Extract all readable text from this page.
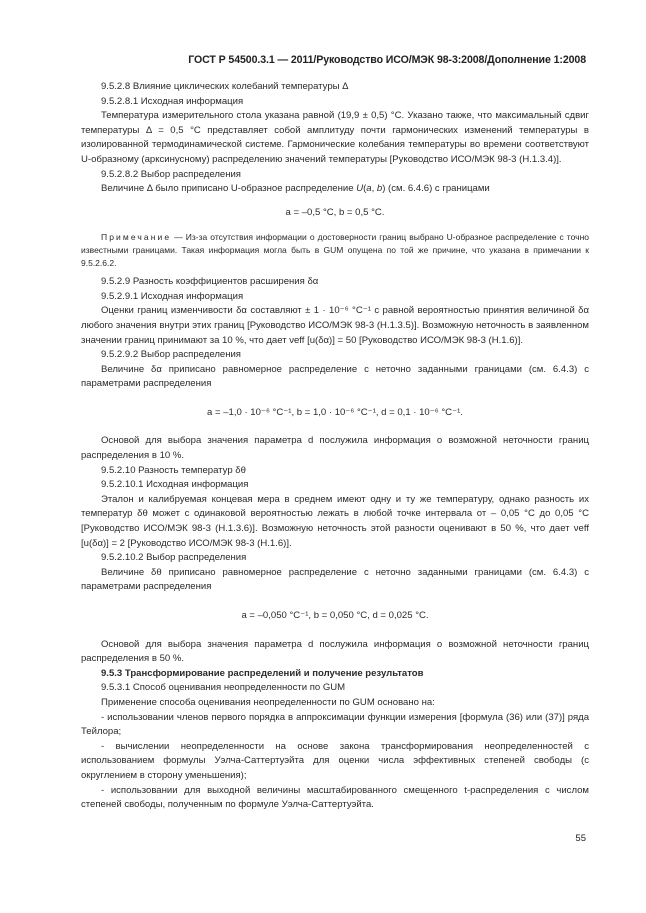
ГОСТ Р 54500.3.1 — 2011/Руководство ИСО/МЭК 98-3:2008/Дополнение 1:2008

9.5.2.8 Влияние циклических колебаний температуры Δ

9.5.2.8.1 Исходная информация

Температура измерительного стола указана равной (19,9 ± 0,5) °С. Указано также, что максимальный сдвиг температуры Δ = 0,5 °С представляет собой амплитуду почти гармонических изменений температуры в изолированной термодинамической системе. Гармонические колебания температуры во времени соответствуют U-образному (арксинусному) распределению значений температуры [Руководство ИСО/МЭК 98-3 (Н.1.3.4)].

9.5.2.8.2 Выбор распределения

Величине Δ было приписано U-образное распределение U(a, b) (см. 6.4.6) с границами

a = –0,5 °С, b = 0,5 °С.

Примечание — Из-за отсутствия информации о достоверности границ выбрано U-образное распределение с точно известными границами. Такая информация могла быть в GUM опущена по той же причине, что указана в примечании к 9.5.2.6.2.

9.5.2.9 Разность коэффициентов расширения δα

9.5.2.9.1 Исходная информация

Оценки границ изменчивости δα составляют ± 1 · 10⁻⁶ °С⁻¹ с равной вероятностью принятия величиной δα любого значения внутри этих границ [Руководство ИСО/МЭК 98-3 (Н.1.3.5)]. Возможную неточность в заявленном значении границ принимают за 10 %, что дает νeff [u(δα)] = 50 [Руководство ИСО/МЭК 98-3 (Н.1.6)].

9.5.2.9.2 Выбор распределения

Величине δα приписано равномерное распределение с неточно заданными границами (см. 6.4.3) с параметрами распределения

a = –1,0 · 10⁻⁶ °С⁻¹, b = 1,0 · 10⁻⁶ °С⁻¹, d = 0,1 · 10⁻⁶ °С⁻¹.

Основой для выбора значения параметра d послужила информация о возможной неточности границ распределения в 10 %.

9.5.2.10 Разность температур δθ

9.5.2.10.1 Исходная информация

Эталон и калибруемая концевая мера в среднем имеют одну и ту же температуру, однако разность их температур δθ может с одинаковой вероятностью лежать в любой точке интервала от – 0,05 °С до 0,05 °С [Руководство ИСО/МЭК 98-3 (Н.1.3.6)]. Возможную неточность этой разности оценивают в 50 %, что дает νeff [u(δα)] = 2 [Руководство ИСО/МЭК 98-3 (Н.1.6)].

9.5.2.10.2 Выбор распределения

Величине δθ приписано равномерное распределение с неточно заданными границами (см. 6.4.3) с параметрами распределения

a = –0,050 °С⁻¹, b = 0,050 °С, d = 0,025 °С.

Основой для выбора значения параметра d послужила информация о возможной неточности границ распределения в 50 %.

9.5.3 Трансформирование распределений и получение результатов

9.5.3.1 Способ оценивания неопределенности по GUM

Применение способа оценивания неопределенности по GUM основано на:

- использовании членов первого порядка в аппроксимации функции измерения [формула (36) или (37)] ряда Тейлора;

- вычислении неопределенности на основе закона трансформирования неопределенностей с использованием формулы Уэлча-Саттертуэйта для оценки числа эффективных степеней свободы (с округлением в сторону уменьшения);

- использовании для выходной величины масштабированного смещенного t-распределения с числом степеней свободы, полученным по формуле Уэлча-Саттертуэйта.

55
